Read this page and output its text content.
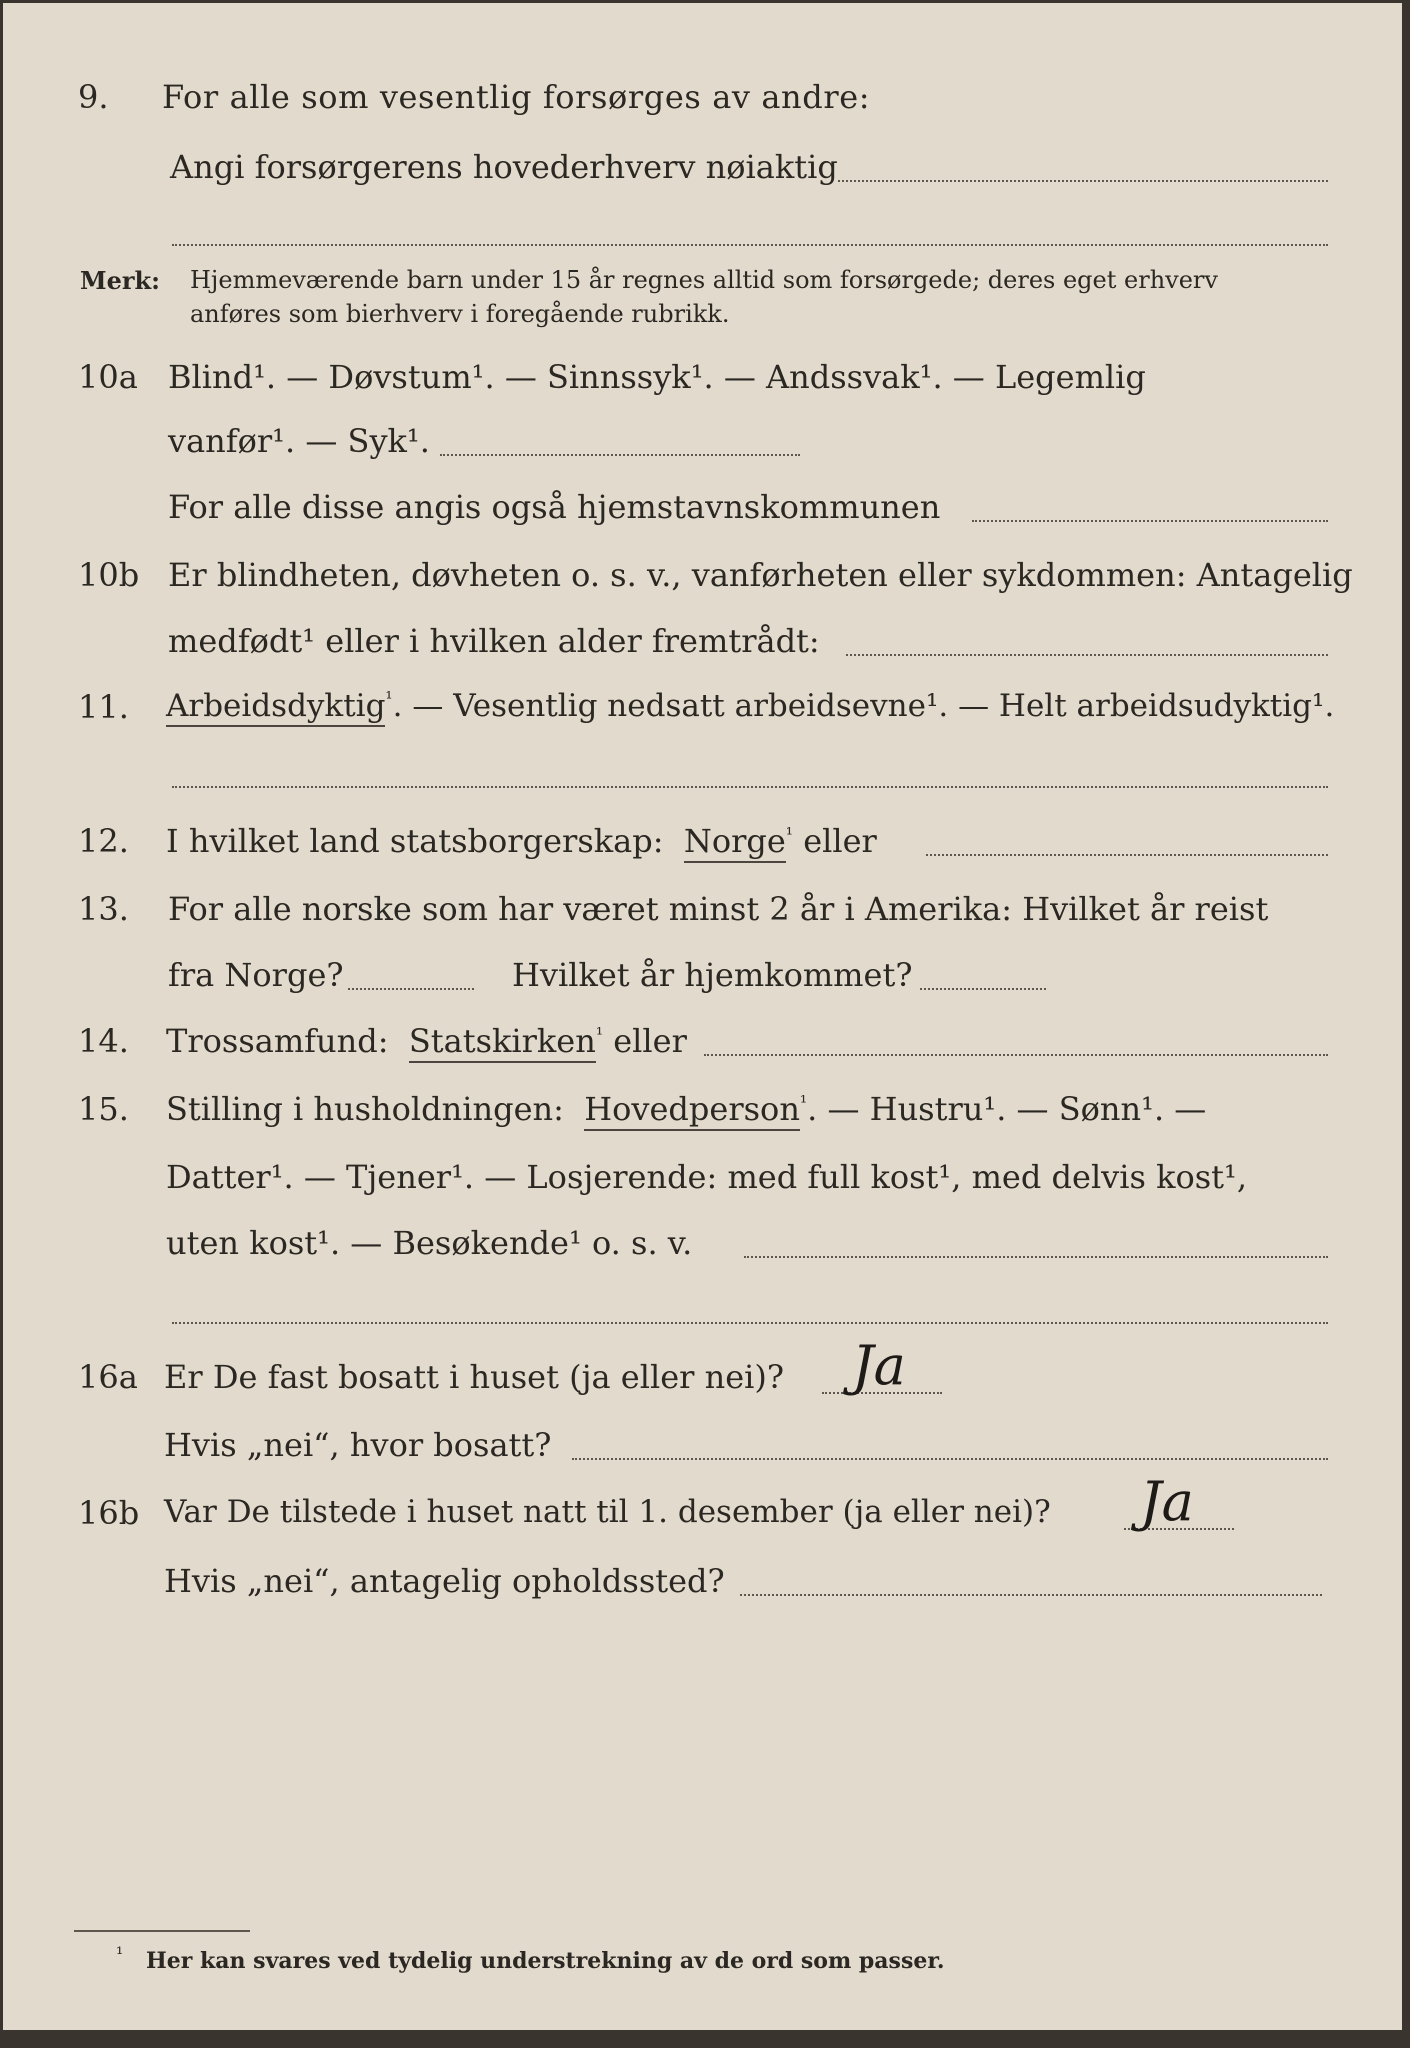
9. For alle som vesentlig forsørges av andre:
Angi forsørgerens hovederhverv nøiaktig
Merk: Hjemmeværende barn under 15 år regnes alltid som forsørgede; deres eget erhverv
anføres som bierhverv i foregående rubrikk.
10a Blind¹. — Døvstum¹. — Sinnssyk¹. — Andssvak¹. — Legemlig
vanfør¹. — Syk¹.
For alle disse angis også hjemstavnskommunen
10b Er blindheten, døvheten o. s. v., vanførheten eller sykdommen: Antagelig
medfødt¹ eller i hvilken alder fremtrådt:
11. Arbeidsdyktig$^{^1}$. — Vesentlig nedsatt arbeidsevne¹. — Helt arbeidsudyktig¹.
12. I hvilket land statsborgerskap: Norge$^{^1}$ eller
13. For alle norske som har været minst 2 år i Amerika: Hvilket år reist
fra Norge?	Hvilket år hjemkommet?
14. Trossamfund: Statskirken$^{^1}$ eller
15. Stilling i husholdningen: Hovedperson$^{^1}$. — Hustru¹. — Sønn¹. —
Datter¹. — Tjener¹. — Losjerende: med full kost¹, med delvis kost¹,
uten kost¹. — Besøkende¹ o. s. v.
16a Er De fast bosatt i huset (ja eller nei)? Ja
Hvis „nei“, hvor bosatt?
16b Var De tilstede i huset natt til 1. desember (ja eller nei)? Ja
Hvis „nei“, antagelig opholdssted?
¹ Her kan svares ved tydelig understrekning av de ord som passer.
